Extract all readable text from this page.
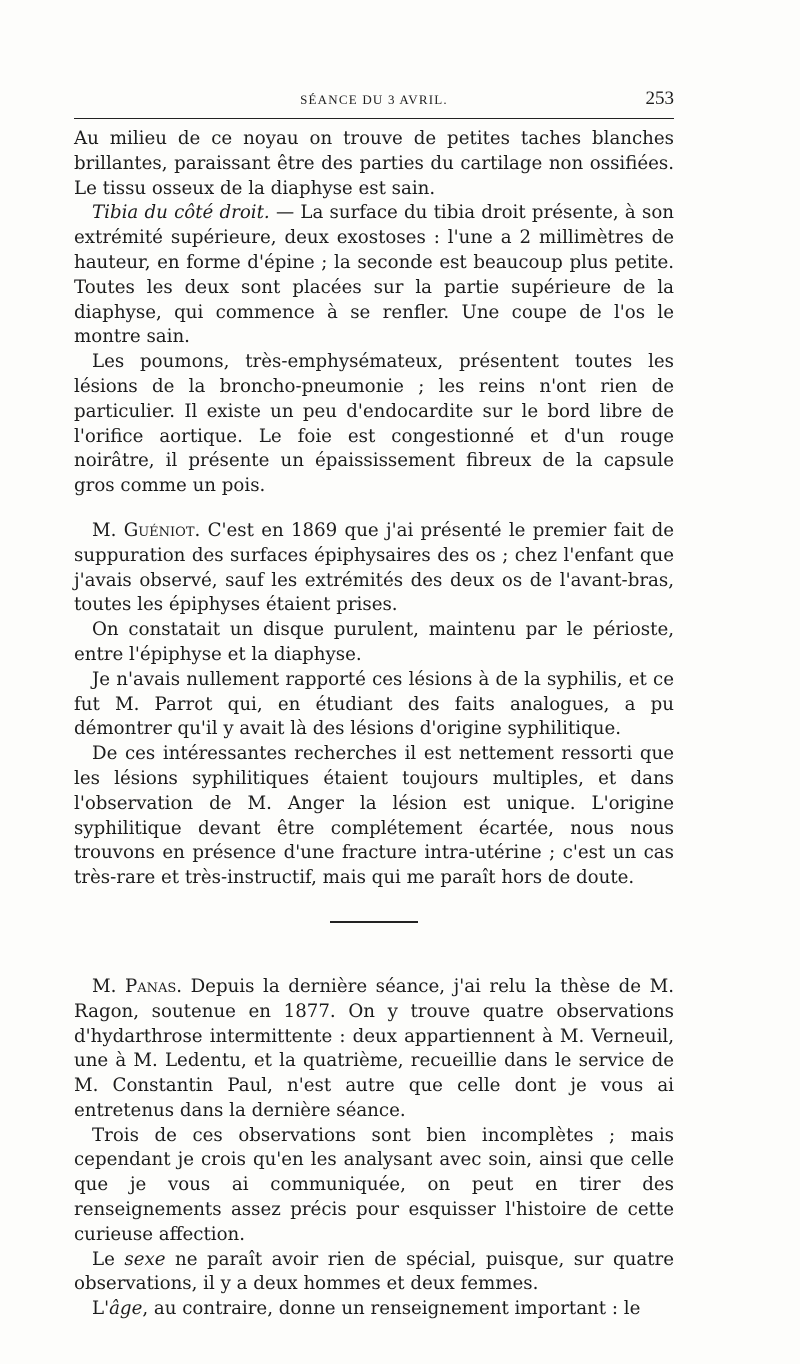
SÉANCE DU 3 AVRIL.	253

Au milieu de ce noyau on trouve de petites taches blanches brillantes, paraissant être des parties du cartilage non ossifiées. Le tissu osseux de la diaphyse est sain.

Tibia du côté droit. — La surface du tibia droit présente, à son extrémité supérieure, deux exostoses : l'une a 2 millimètres de hauteur, en forme d'épine ; la seconde est beaucoup plus petite. Toutes les deux sont placées sur la partie supérieure de la diaphyse, qui commence à se renfler. Une coupe de l'os le montre sain.

Les poumons, très-emphysémateux, présentent toutes les lésions de la broncho-pneumonie ; les reins n'ont rien de particulier. Il existe un peu d'endocardite sur le bord libre de l'orifice aortique. Le foie est congestionné et d'un rouge noirâtre, il présente un épaississement fibreux de la capsule gros comme un pois.

M. Guéniot. C'est en 1869 que j'ai présenté le premier fait de suppuration des surfaces épiphysaires des os ; chez l'enfant que j'avais observé, sauf les extrémités des deux os de l'avant-bras, toutes les épiphyses étaient prises.

On constatait un disque purulent, maintenu par le périoste, entre l'épiphyse et la diaphyse.

Je n'avais nullement rapporté ces lésions à de la syphilis, et ce fut M. Parrot qui, en étudiant des faits analogues, a pu démontrer qu'il y avait là des lésions d'origine syphilitique.

De ces intéressantes recherches il est nettement ressorti que les lésions syphilitiques étaient toujours multiples, et dans l'observation de M. Anger la lésion est unique. L'origine syphilitique devant être complétement écartée, nous nous trouvons en présence d'une fracture intra-utérine ; c'est un cas très-rare et très-instructif, mais qui me paraît hors de doute.

M. Panas. Depuis la dernière séance, j'ai relu la thèse de M. Ragon, soutenue en 1877. On y trouve quatre observations d'hydarthrose intermittente : deux appartiennent à M. Verneuil, une à M. Ledentu, et la quatrième, recueillie dans le service de M. Constantin Paul, n'est autre que celle dont je vous ai entretenus dans la dernière séance.

Trois de ces observations sont bien incomplètes ; mais cependant je crois qu'en les analysant avec soin, ainsi que celle que je vous ai communiquée, on peut en tirer des renseignements assez précis pour esquisser l'histoire de cette curieuse affection.

Le sexe ne paraît avoir rien de spécial, puisque, sur quatre observations, il y a deux hommes et deux femmes.

L'âge, au contraire, donne un renseignement important : le
